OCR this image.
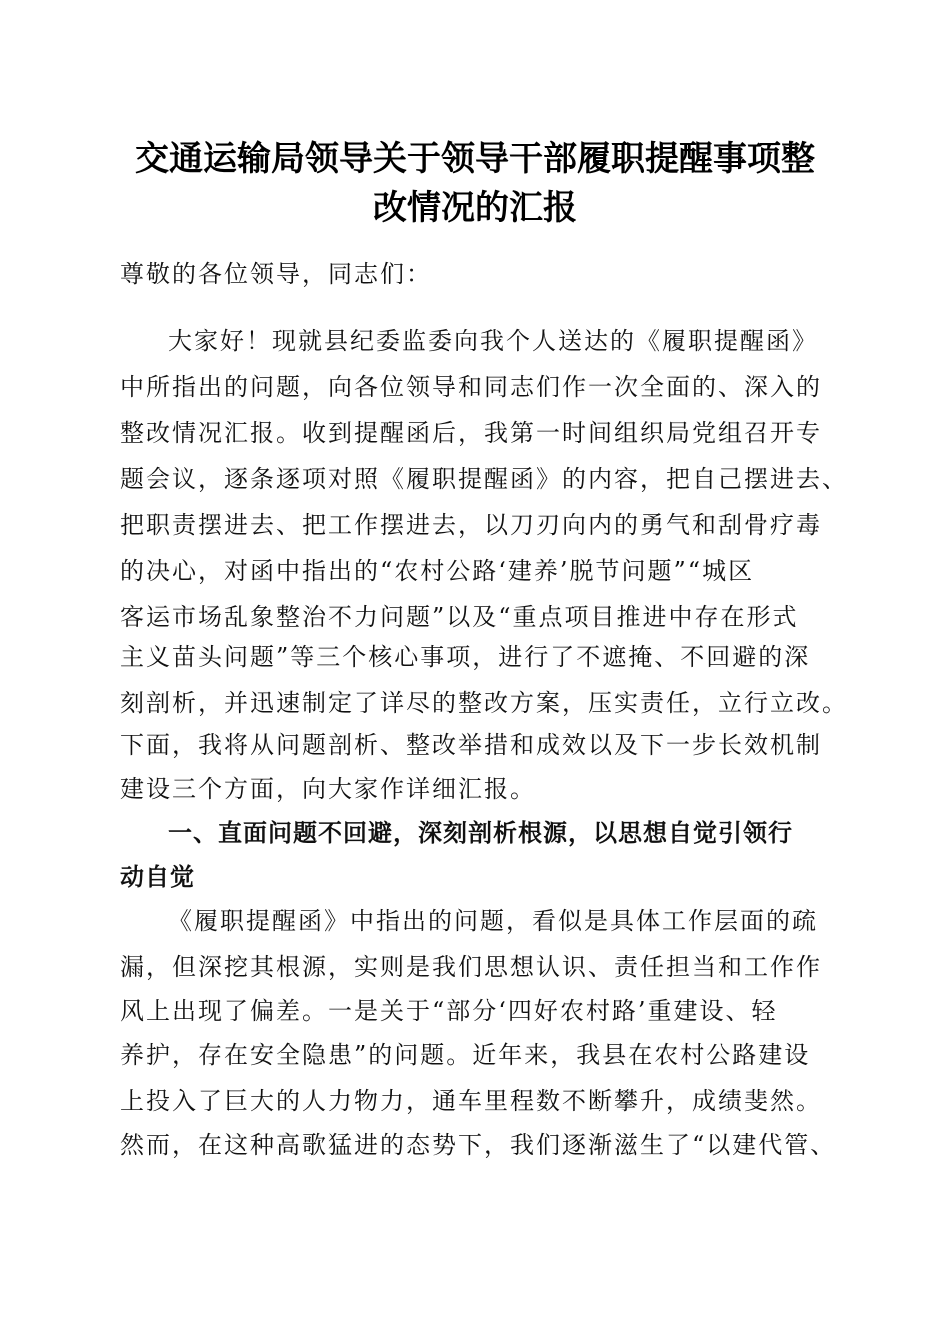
交通运输局领导关于领导干部履职提醒事项整
改情况的汇报

尊敬的各位领导，同志们：

大家好！现就县纪委监委向我个人送达的《履职提醒函》

中所指出的问题，向各位领导和同志们作一次全面的、深入的

整改情况汇报。收到提醒函后，我第一时间组织局党组召开专

题会议，逐条逐项对照《履职提醒函》的内容，把自己摆进去、

把职责摆进去、把工作摆进去，以刀刃向内的勇气和刮骨疗毒

的决心，对函中指出的“农村公路‘建养’脱节问题”“城区

客运市场乱象整治不力问题”以及“重点项目推进中存在形式

主义苗头问题”等三个核心事项，进行了不遮掩、不回避的深

刻剖析，并迅速制定了详尽的整改方案，压实责任，立行立改。

下面，我将从问题剖析、整改举措和成效以及下一步长效机制

建设三个方面，向大家作详细汇报。

一、直面问题不回避，深刻剖析根源，以思想自觉引领行

动自觉

《履职提醒函》中指出的问题，看似是具体工作层面的疏

漏，但深挖其根源，实则是我们思想认识、责任担当和工作作

风上出现了偏差。一是关于“部分‘四好农村路’重建设、轻

养护，存在安全隐患”的问题。近年来，我县在农村公路建设

上投入了巨大的人力物力，通车里程数不断攀升，成绩斐然。

然而，在这种高歌猛进的态势下，我们逐渐滋生了“以建代管、
